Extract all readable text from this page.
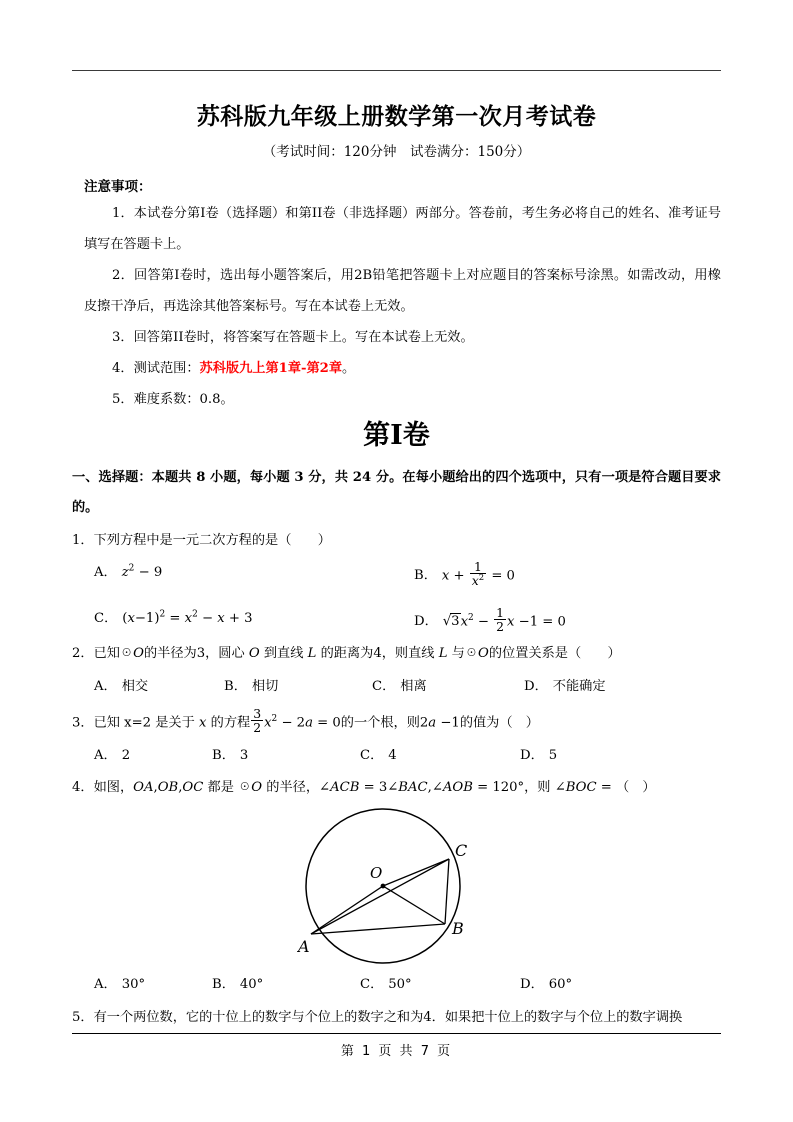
苏科版九年级上册数学第一次月考试卷
（考试时间：120分钟　试卷满分：150分）
注意事项：
1．本试卷分第I卷（选择题）和第II卷（非选择题）两部分。答卷前，考生务必将自己的姓名、准考证号填写在答题卡上。
2．回答第I卷时，选出每小题答案后，用2B铅笔把答题卡上对应题目的答案标号涂黑。如需改动，用橡皮擦干净后，再选涂其他答案标号。写在本试卷上无效。
3．回答第II卷时，将答案写在答题卡上。写在本试卷上无效。
4．测试范围：苏科版九上第1章-第2章。
5．难度系数：0.8。
第I卷
一、选择题：本题共 8 小题，每小题 3 分，共 24 分。在每小题给出的四个选项中，只有一项是符合题目要求的。
1．下列方程中是一元二次方程的是（　　）
A． $z^2 - 9$	B． $x + \frac{1}{x^2} = 0$
C． $(x-1)^2 = x^2 - x + 3$	D． $√3x^2 - \frac{1}{2}$ x −1 = 0
2．已知☉O的半径为3，圆心 O 到直线 L 的距离为4，则直线 L 与☉O的位置关系是（　　）
A． 相交	B． 相切	C． 相离	D． 不能确定
3．已知 x=2 是关于 x 的方程 $\frac{3}{2} x^2 - 2a = 0$的一个根，则2a −1的值为（　）
A． 2	B． 3	C． 4	D． 5
4．如图，OA,OB,OC 都是 ☉O 的半径，∠ACB = 3∠BAC,∠AOB = 120°，则 ∠BOC = （　）
O
C
B
A
A． 30°	B． 40°	C． 50°	D． 60°
5．有一个两位数，它的十位上的数字与个位上的数字之和为4．如果把十位上的数字与个位上的数字调换
第 1 页 共 7 页
